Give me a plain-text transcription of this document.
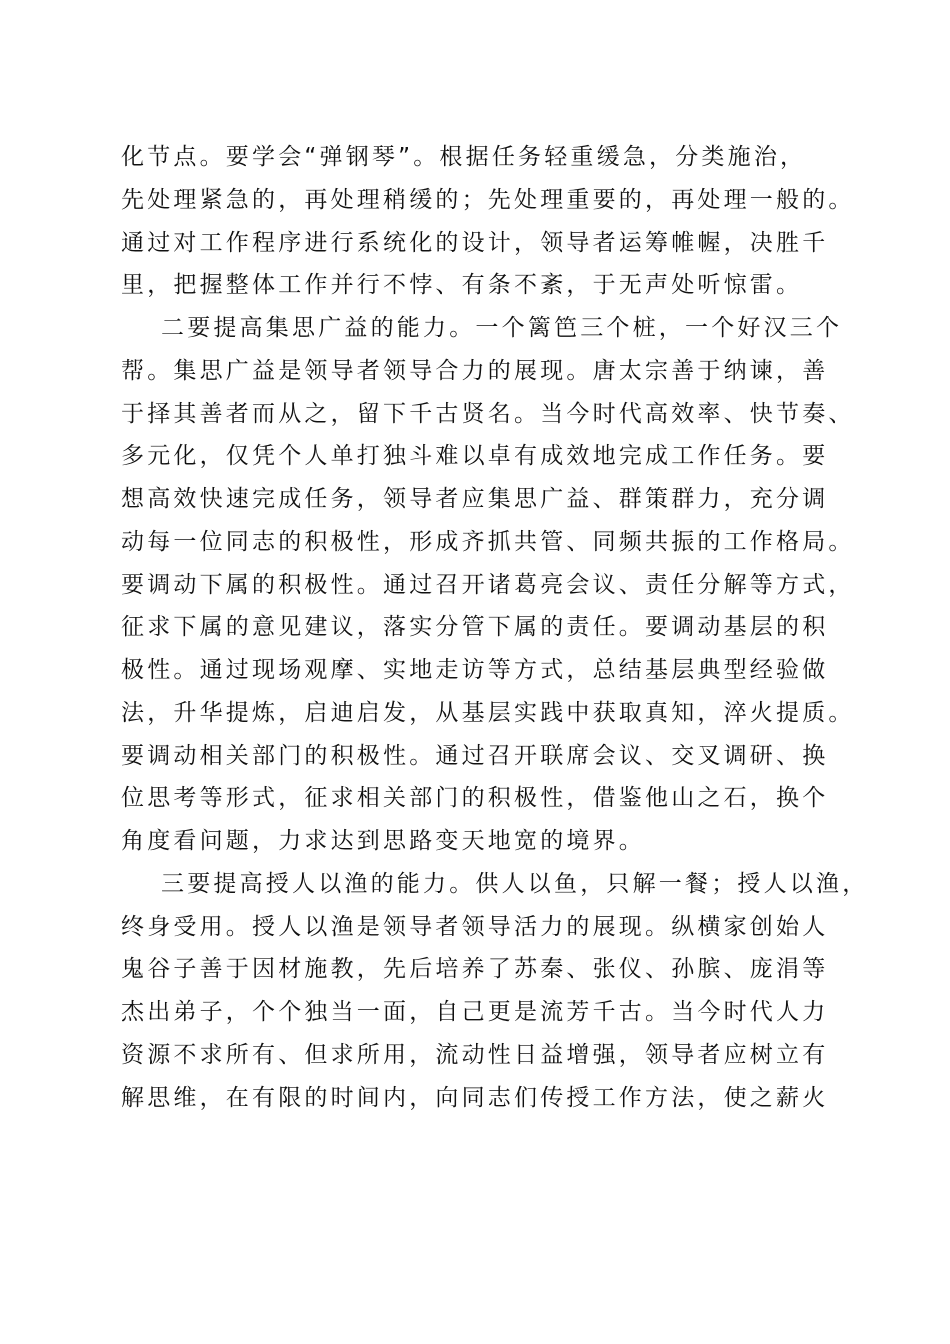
化节点。要学会“弹钢琴”。根据任务轻重缓急，分类施治，
先处理紧急的，再处理稍缓的；先处理重要的，再处理一般的。
通过对工作程序进行系统化的设计，领导者运筹帷幄，决胜千
里，把握整体工作并行不悖、有条不紊，于无声处听惊雷。
二要提高集思广益的能力。一个篱笆三个桩，一个好汉三个
帮。集思广益是领导者领导合力的展现。唐太宗善于纳谏，善
于择其善者而从之，留下千古贤名。当今时代高效率、快节奏、
多元化，仅凭个人单打独斗难以卓有成效地完成工作任务。要
想高效快速完成任务，领导者应集思广益、群策群力，充分调
动每一位同志的积极性，形成齐抓共管、同频共振的工作格局。
要调动下属的积极性。通过召开诸葛亮会议、责任分解等方式，
征求下属的意见建议，落实分管下属的责任。要调动基层的积
极性。通过现场观摩、实地走访等方式，总结基层典型经验做
法，升华提炼，启迪启发，从基层实践中获取真知，淬火提质。
要调动相关部门的积极性。通过召开联席会议、交叉调研、换
位思考等形式，征求相关部门的积极性，借鉴他山之石，换个
角度看问题，力求达到思路变天地宽的境界。
三要提高授人以渔的能力。供人以鱼，只解一餐；授人以渔，
终身受用。授人以渔是领导者领导活力的展现。纵横家创始人
鬼谷子善于因材施教，先后培养了苏秦、张仪、孙膑、庞涓等
杰出弟子，个个独当一面，自己更是流芳千古。当今时代人力
资源不求所有、但求所用，流动性日益增强，领导者应树立有
解思维，在有限的时间内，向同志们传授工作方法，使之薪火
